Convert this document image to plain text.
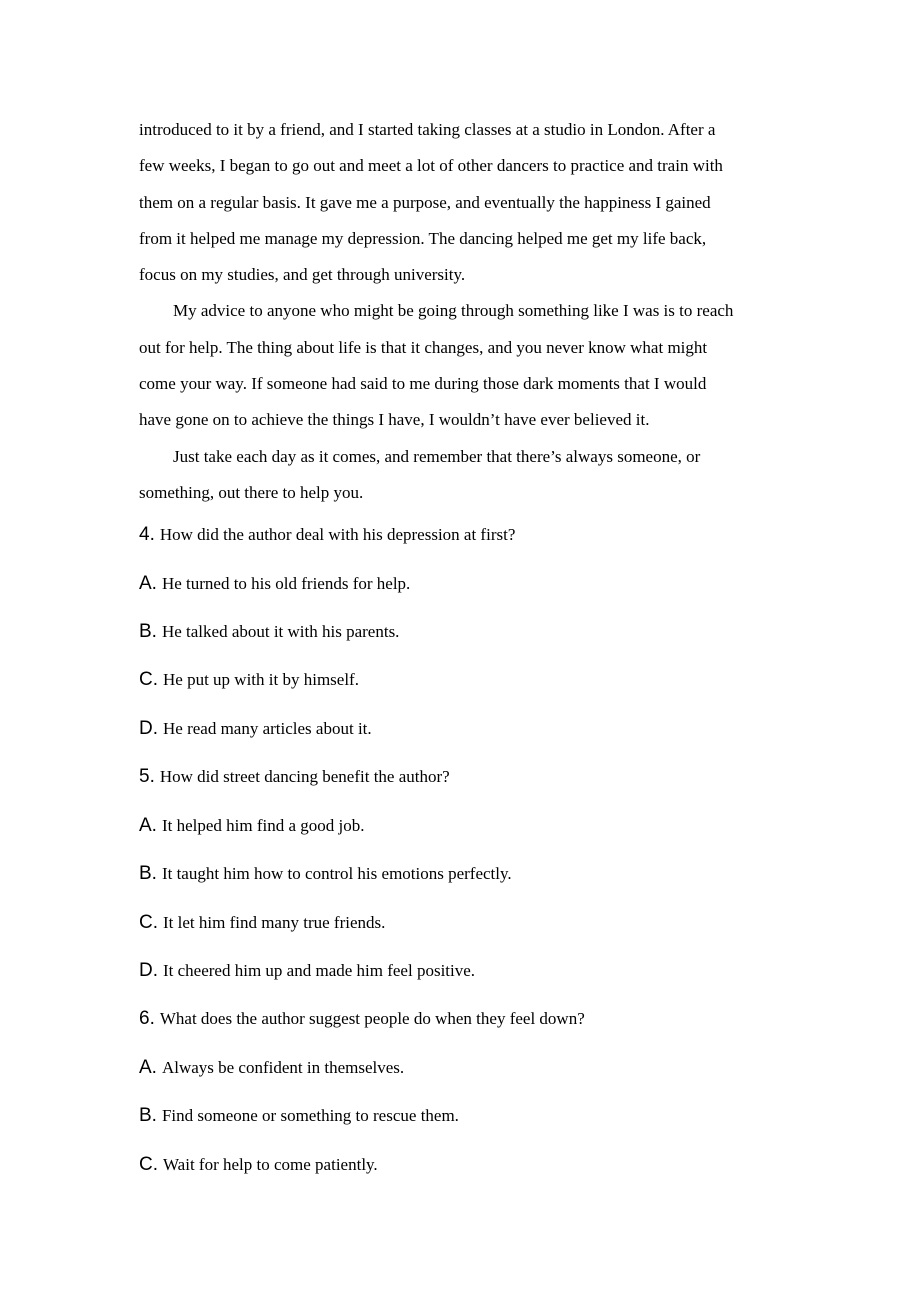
introduced to it by a friend, and I started taking classes at a studio in London. After a
few weeks, I began to go out and meet a lot of other dancers to practice and train with
them on a regular basis. It gave me a purpose, and eventually the happiness I gained
from it helped me manage my depression. The dancing helped me get my life back,
focus on my studies, and get through university.
My advice to anyone who might be going through something like I was is to reach
out for help. The thing about life is that it changes, and you never know what might
come your way. If someone had said to me during those dark moments that I would
have gone on to achieve the things I have, I wouldn’t have ever believed it.
Just take each day as it comes, and remember that there’s always someone, or
something, out there to help you.
4. How did the author deal with his depression at first?
A. He turned to his old friends for help.
B. He talked about it with his parents.
C. He put up with it by himself.
D. He read many articles about it.
5. How did street dancing benefit the author?
A. It helped him find a good job.
B. It taught him how to control his emotions perfectly.
C. It let him find many true friends.
D. It cheered him up and made him feel positive.
6. What does the author suggest people do when they feel down?
A. Always be confident in themselves.
B. Find someone or something to rescue them.
C. Wait for help to come patiently.
